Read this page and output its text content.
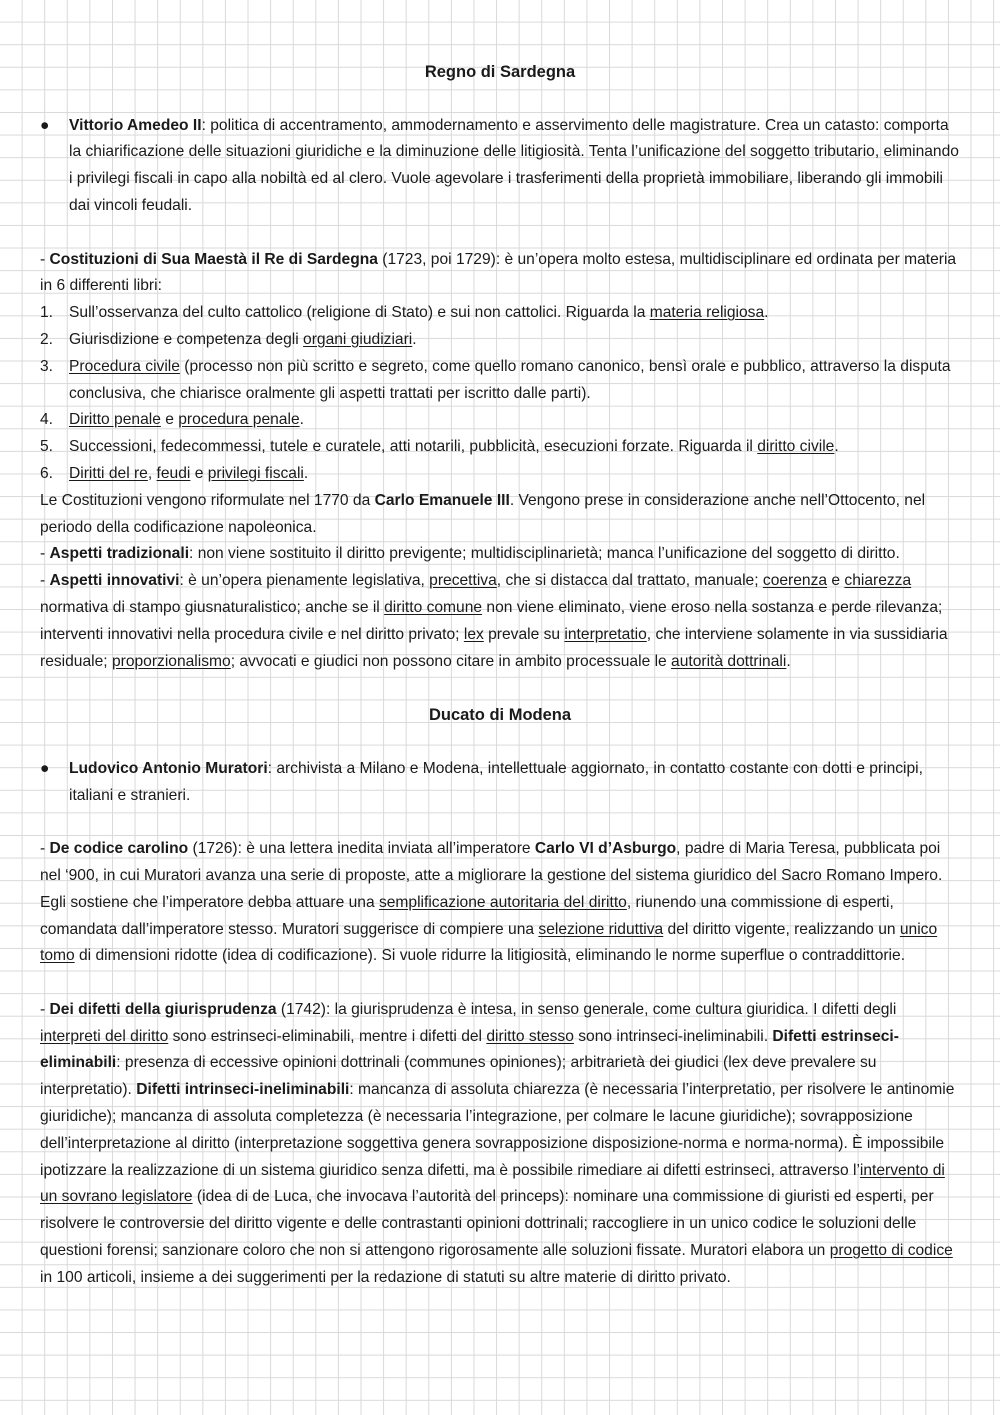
Regno di Sardegna

● Vittorio Amedeo II: politica di accentramento, ammodernamento e asservimento delle magistrature. Crea un catasto: comporta la chiarificazione delle situazioni giuridiche e la diminuzione delle litigiosità. Tenta l’unificazione del soggetto tributario, eliminando i privilegi fiscali in capo alla nobiltà ed al clero. Vuole agevolare i trasferimenti della proprietà immobiliare, liberando gli immobili dai vincoli feudali.

- Costituzioni di Sua Maestà il Re di Sardegna (1723, poi 1729): è un’opera molto estesa, multidisciplinare ed ordinata per materia in 6 differenti libri:

1. Sull’osservanza del culto cattolico (religione di Stato) e sui non cattolici. Riguarda la materia religiosa.

2. Giurisdizione e competenza degli organi giudiziari.

3. Procedura civile (processo non più scritto e segreto, come quello romano canonico, bensì orale e pubblico, attraverso la disputa conclusiva, che chiarisce oralmente gli aspetti trattati per iscritto dalle parti).

4. Diritto penale e procedura penale.

5. Successioni, fedecommessi, tutele e curatele, atti notarili, pubblicità, esecuzioni forzate. Riguarda il diritto civile.

6. Diritti del re, feudi e privilegi fiscali.

Le Costituzioni vengono riformulate nel 1770 da Carlo Emanuele III. Vengono prese in considerazione anche nell’Ottocento, nel periodo della codificazione napoleonica.

- Aspetti tradizionali: non viene sostituito il diritto previgente; multidisciplinarietà; manca l’unificazione del soggetto di diritto.

- Aspetti innovativi: è un’opera pienamente legislativa, precettiva, che si distacca dal trattato, manuale; coerenza e chiarezza normativa di stampo giusnaturalistico; anche se il diritto comune non viene eliminato, viene eroso nella sostanza e perde rilevanza; interventi innovativi nella procedura civile e nel diritto privato; lex prevale su interpretatio, che interviene solamente in via sussidiaria residuale; proporzionalismo; avvocati e giudici non possono citare in ambito processuale le autorità dottrinali.

Ducato di Modena

● Ludovico Antonio Muratori: archivista a Milano e Modena, intellettuale aggiornato, in contatto costante con dotti e principi, italiani e stranieri.

- De codice carolino (1726): è una lettera inedita inviata all’imperatore Carlo VI d’Asburgo, padre di Maria Teresa, pubblicata poi nel ‘900, in cui Muratori avanza una serie di proposte, atte a migliorare la gestione del sistema giuridico del Sacro Romano Impero. Egli sostiene che l’imperatore debba attuare una semplificazione autoritaria del diritto, riunendo una commissione di esperti, comandata dall’imperatore stesso. Muratori suggerisce di compiere una selezione riduttiva del diritto vigente, realizzando un unico tomo di dimensioni ridotte (idea di codificazione). Si vuole ridurre la litigiosità, eliminando le norme superflue o contraddittorie.

- Dei difetti della giurisprudenza (1742): la giurisprudenza è intesa, in senso generale, come cultura giuridica. I difetti degli interpreti del diritto sono estrinseci-eliminabili, mentre i difetti del diritto stesso sono intrinseci-ineliminabili. Difetti estrinseci-eliminabili: presenza di eccessive opinioni dottrinali (communes opiniones); arbitrarietà dei giudici (lex deve prevalere su interpretatio). Difetti intrinseci-ineliminabili: mancanza di assoluta chiarezza (è necessaria l’interpretatio, per risolvere le antinomie giuridiche); mancanza di assoluta completezza (è necessaria l’integrazione, per colmare le lacune giuridiche); sovrapposizione dell’interpretazione al diritto (interpretazione soggettiva genera sovrapposizione disposizione-norma e norma-norma). È impossibile ipotizzare la realizzazione di un sistema giuridico senza difetti, ma è possibile rimediare ai difetti estrinseci, attraverso l’intervento di un sovrano legislatore (idea di de Luca, che invocava l’autorità del princeps): nominare una commissione di giuristi ed esperti, per risolvere le controversie del diritto vigente e delle contrastanti opinioni dottrinali; raccogliere in un unico codice le soluzioni delle questioni forensi; sanzionare coloro che non si attengono rigorosamente alle soluzioni fissate. Muratori elabora un progetto di codice in 100 articoli, insieme a dei suggerimenti per la redazione di statuti su altre materie di diritto privato.
